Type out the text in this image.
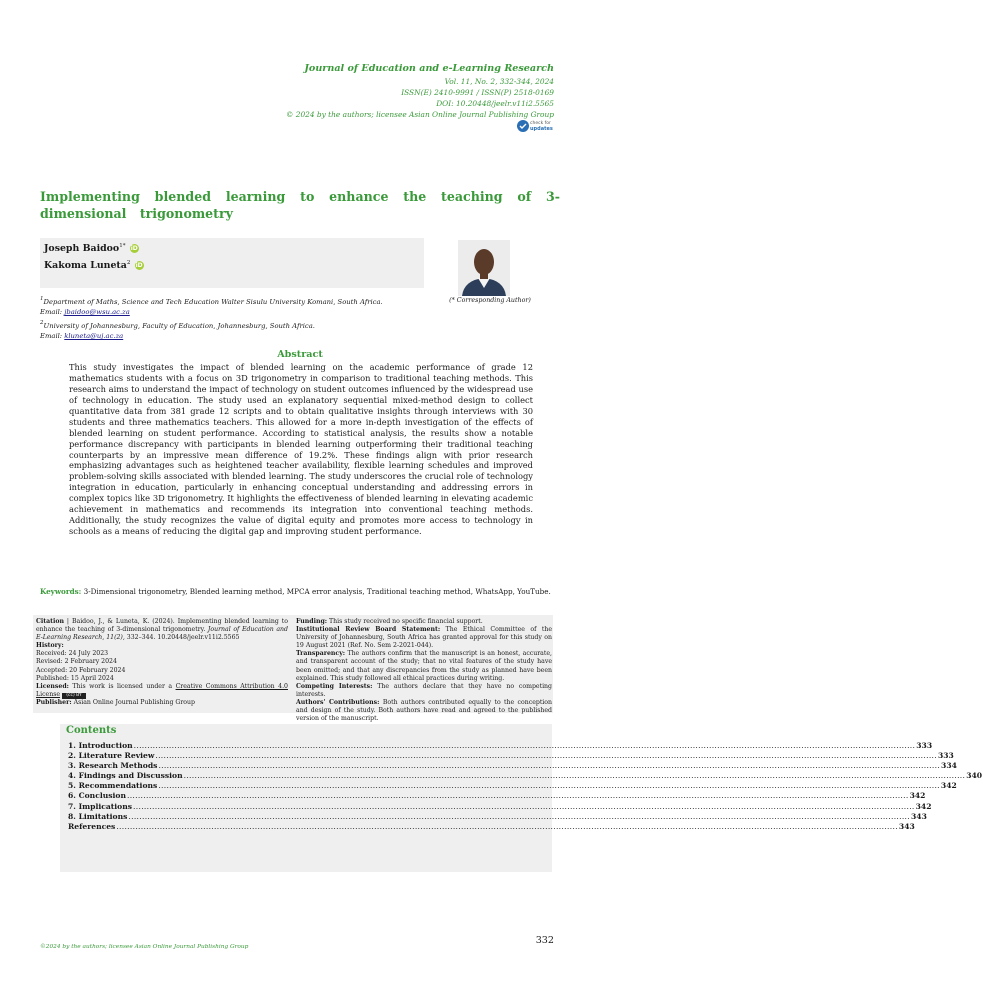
Journal of Education and e-Learning Research
Vol. 11, No. 2, 332-344, 2024
ISSN(E) 2410-9991 / ISSN(P) 2518-0169
DOI: 10.20448/jeelr.v11i2.5565
© 2024 by the authors; licensee Asian Online Journal Publishing Group
check for
updates
Implementing blended learning to enhance the teaching of 3-dimensional trigonometry
Joseph Baidoo$^{1*}$ iD
Kakoma Luneta$^2$ iD
(* Corresponding Author)
$^1$Department of Maths, Science and Tech Education Walter Sisulu University Komani, South Africa.
Email: jbaidoo@wsu.ac.za
$^2$University of Johannesburg, Faculty of Education, Johannesburg, South Africa.
Email: kluneta@uj.ac.za
Abstract
This study investigates the impact of blended learning on the academic performance of grade 12 mathematics students with a focus on 3D trigonometry in comparison to traditional teaching methods. This research aims to understand the impact of technology on student outcomes influenced by the widespread use of technology in education. The study used an explanatory sequential mixed-method design to collect quantitative data from 381 grade 12 scripts and to obtain qualitative insights through interviews with 30 students and three mathematics teachers. This allowed for a more in-depth investigation of the effects of blended learning on student performance. According to statistical analysis, the results show a notable performance discrepancy with participants in blended learning outperforming their traditional teaching counterparts by an impressive mean difference of 19.2%. These findings align with prior research emphasizing advantages such as heightened teacher availability, flexible learning schedules and improved problem-solving skills associated with blended learning. The study underscores the crucial role of technology integration in education, particularly in enhancing conceptual understanding and addressing errors in complex topics like 3D trigonometry. It highlights the effectiveness of blended learning in elevating academic achievement in mathematics and recommends its integration into conventional teaching methods. Additionally, the study recognizes the value of digital equity and promotes more access to technology in schools as a means of reducing the digital gap and improving student performance.
Keywords: 3-Dimensional trigonometry, Blended learning method, MPCA error analysis, Traditional teaching method, WhatsApp, YouTube.
Citation | Baidoo, J., & Luneta, K. (2024). Implementing blended learning to enhance the teaching of 3-dimensional trigonometry. Journal of Education and E-Learning Research, 11(2), 332–344. 10.20448/jeelr.v11i2.5565
History:
Received: 24 July 2023
Revised: 2 February 2024
Accepted: 20 February 2024
Published: 15 April 2024
Licensed: This work is licensed under a Creative Commons Attribution 4.0 License (cc) BY
Publisher: Asian Online Journal Publishing Group
Funding: This study received no specific financial support.
Institutional Review Board Statement: The Ethical Committee of the University of Johannesburg, South Africa has granted approval for this study on 19 August 2021 (Ref. No. Sem 2-2021-044).
Transparency: The authors confirm that the manuscript is an honest, accurate, and transparent account of the study; that no vital features of the study have been omitted; and that any discrepancies from the study as planned have been explained. This study followed all ethical practices during writing.
Competing Interests: The authors declare that they have no competing interests.
Authors' Contributions: Both authors contributed equally to the conception and design of the study. Both authors have read and agreed to the published version of the manuscript.
Contents
1. Introduction ................................................................................................................................................................................................................................................................................................ 333
2. Literature Review ................................................................................................................................................................................................................................................................................................ 333
3. Research Methods ................................................................................................................................................................................................................................................................................................ 334
4. Findings and Discussion ................................................................................................................................................................................................................................................................................................ 340
5. Recommendations ................................................................................................................................................................................................................................................................................................ 342
6. Conclusion ................................................................................................................................................................................................................................................................................................ 342
7. Implications ................................................................................................................................................................................................................................................................................................ 342
8. Limitations ................................................................................................................................................................................................................................................................................................ 343
References ................................................................................................................................................................................................................................................................................................ 343
©2024 by the authors; licensee Asian Online Journal Publishing Group
332
